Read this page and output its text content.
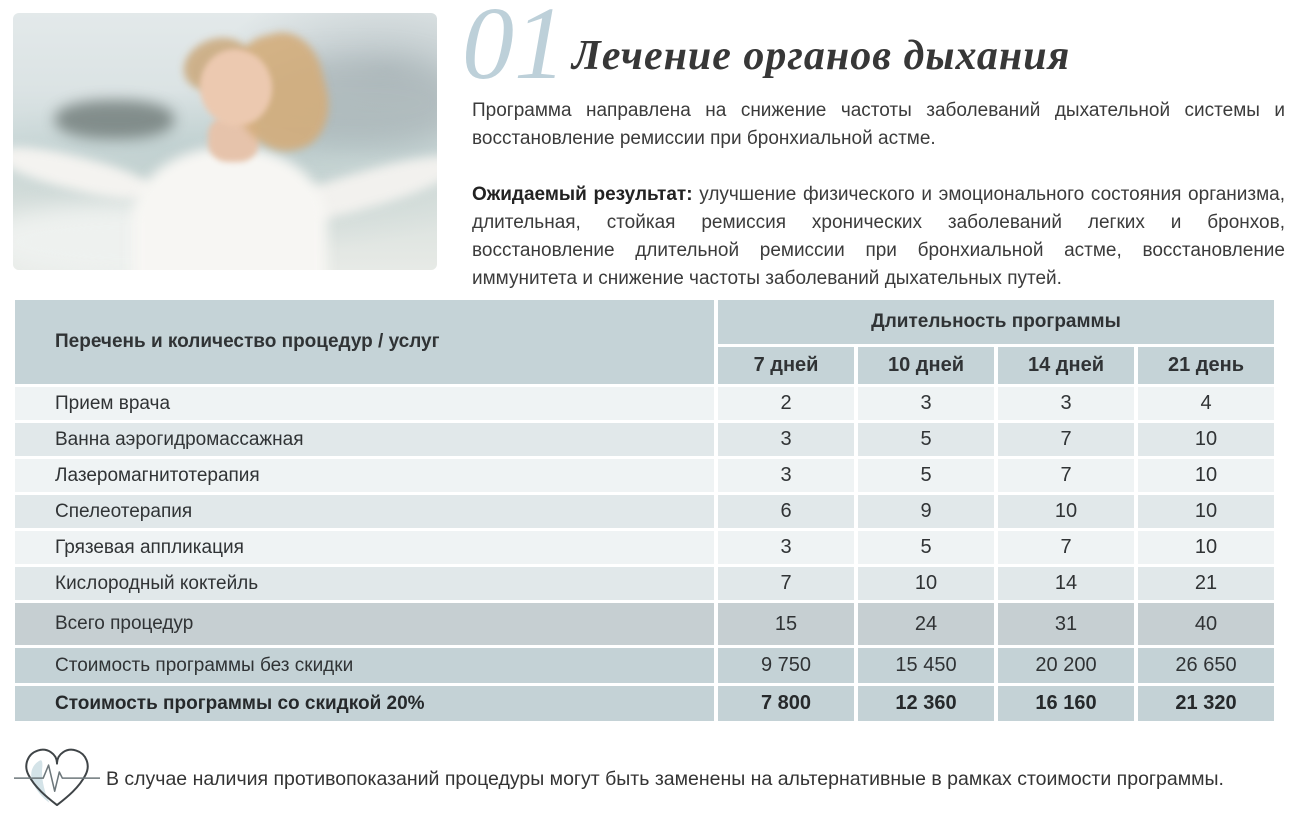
01 Лечение органов дыхания

Программа направлена на снижение частоты заболеваний дыхательной системы и восстановление ремиссии при бронхиальной астме.

Ожидаемый результат: улучшение физического и эмоционального состояния организма, длительная, стойкая ремиссия хронических заболеваний легких и бронхов, восстановление длительной ремиссии при бронхиальной астме, восстановление иммунитета и снижение частоты заболеваний дыхательных путей.

Перечень и количество процедур / услуг	Длительность программы			
	7 дней	10 дней	14 дней	21 день
Прием врача	2	3	3	4
Ванна аэрогидромассажная	3	5	7	10
Лазеромагнитотерапия	3	5	7	10
Спелеотерапия	6	9	10	10
Грязевая аппликация	3	5	7	10
Кислородный коктейль	7	10	14	21
Всего процедур	15	24	31	40
Стоимость программы без скидки	9 750	15 450	20 200	26 650
Стоимость программы со скидкой 20%	7 800	12 360	16 160	21 320
В случае наличия противопоказаний процедуры могут быть заменены на альтернативные в рамках стоимости программы.
